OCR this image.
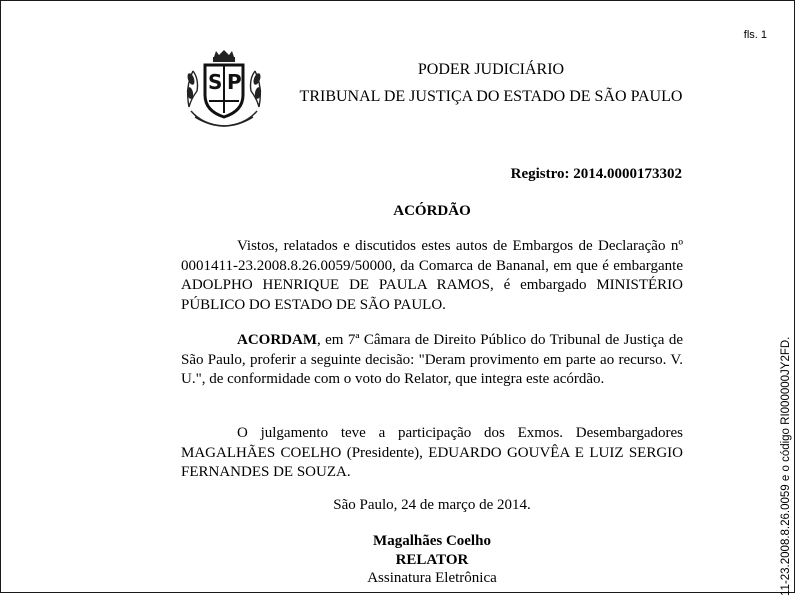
fls. 1
S P
PODER JUDICIÁRIO
TRIBUNAL DE JUSTIÇA DO ESTADO DE SÃO PAULO
Registro: 2014.0000173302
ACÓRDÃO
Vistos, relatados e discutidos estes autos de Embargos de Declaração nº 0001411-23.2008.8.26.0059/50000, da Comarca de Bananal, em que é embargante ADOLPHO HENRIQUE DE PAULA RAMOS, é embargado MINISTÉRIO PÚBLICO DO ESTADO DE SÃO PAULO.
ACORDAM, em 7ª Câmara de Direito Público do Tribunal de Justiça de São Paulo, proferir a seguinte decisão: "Deram provimento em parte ao recurso. V. U.", de conformidade com o voto do Relator, que integra este acórdão.
O julgamento teve a participação dos Exmos. Desembargadores MAGALHÃES COELHO (Presidente), EDUARDO GOUVÊA E LUIZ SERGIO FERNANDES DE SOUZA.
São Paulo, 24 de março de 2014.
Magalhães Coelho
RELATOR
Assinatura Eletrônica	11-23.2008.8.26.0059 e o código RI000000JY2FD.
